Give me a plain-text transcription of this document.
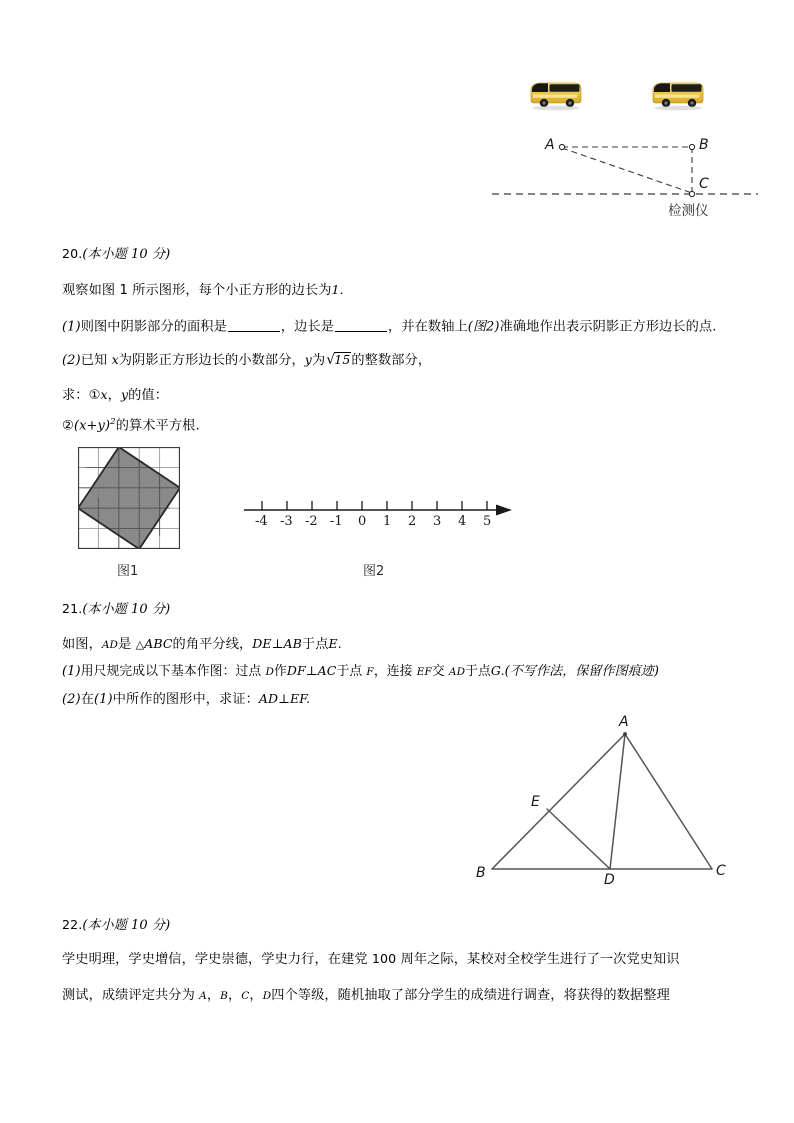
A	B
C
检测仪
20.(本小题 10 分)
观察如图 1 所示图形，每个小正方形的边长为1.
(1)则图中阴影部分的面积是	，边长是	，并在数轴上(图2)准确地作出表示阴影正方形边长的点.
(2)已知 x为阴影正方形边长的小数部分，y为√15的整数部分，
求：①x，y的值：
$②(x+y)^2$的算术平方根.
图1
-4 -3 -2 -1 0 1 2 3 4 5
图2
21.(本小题 10 分)
如图，AD是 △ABC的角平分线，DE⊥AB于点E.
(1)用尺规完成以下基本作图：过点 D作DF⊥AC于点 F，连接 EF交 AD于点G.(不写作法，保留作图痕迹)
(2)在(1)中所作的图形中，求证：AD⊥EF.
A
B	C
D
E
22.(本小题 10 分)
学史明理，学史增信，学史崇德，学史力行，在建党 100 周年之际，某校对全校学生进行了一次党史知识
测试，成绩评定共分为 A，B，C，D四个等级，随机抽取了部分学生的成绩进行调查，将获得的数据整理
